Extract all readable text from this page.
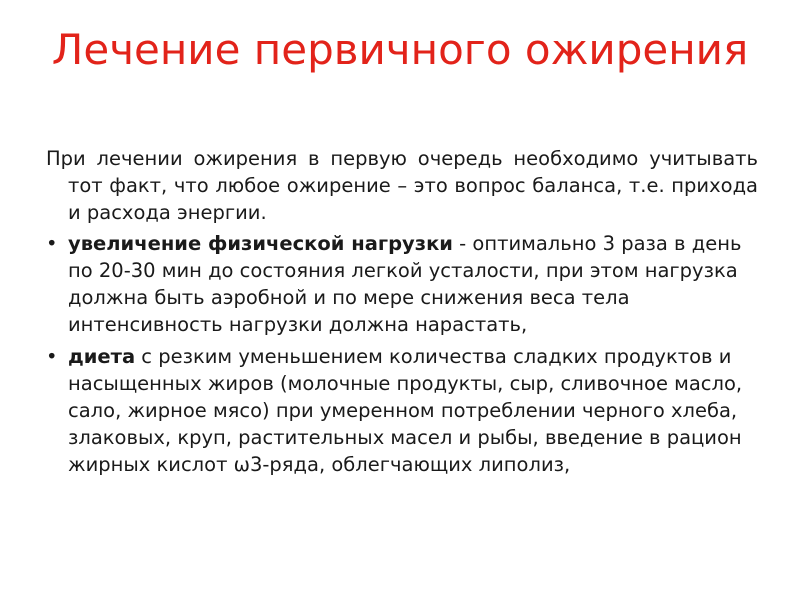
Лечение первичного ожирения

При лечении ожирения в первую очередь необходимо учитывать тот факт, что любое ожирение – это вопрос баланса, т.е. прихода и расхода энергии.

• увеличение физической нагрузки - оптимально 3 раза в день по 20-30 мин до состояния легкой усталости, при этом нагрузка должна быть аэробной и по мере снижения веса тела интенсивность нагрузки должна нарастать,
• диета с резким уменьшением количества сладких продуктов и насыщенных жиров (молочные продукты, сыр, сливочное масло, сало, жирное мясо) при умеренном потреблении черного хлеба, злаковых, круп, растительных масел и рыбы, введение в рацион жирных кислот ω3-ряда, облегчающих липолиз,
